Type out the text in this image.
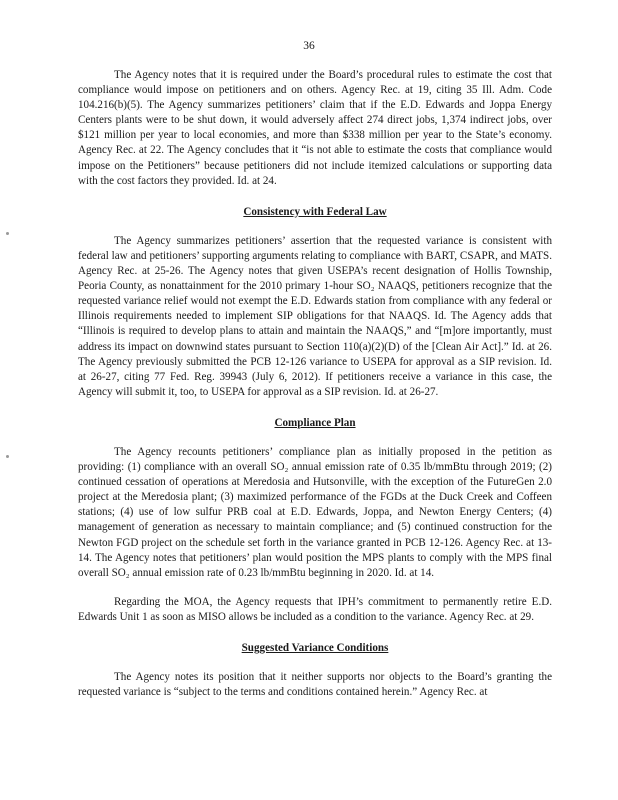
36

The Agency notes that it is required under the Board’s procedural rules to estimate the cost that compliance would impose on petitioners and on others. Agency Rec. at 19, citing 35 Ill. Adm. Code 104.216(b)(5). The Agency summarizes petitioners’ claim that if the E.D. Edwards and Joppa Energy Centers plants were to be shut down, it would adversely affect 274 direct jobs, 1,374 indirect jobs, over $121 million per year to local economies, and more than $338 million per year to the State’s economy. Agency Rec. at 22. The Agency concludes that it “is not able to estimate the costs that compliance would impose on the Petitioners” because petitioners did not include itemized calculations or supporting data with the cost factors they provided. Id. at 24.

Consistency with Federal Law

The Agency summarizes petitioners’ assertion that the requested variance is consistent with federal law and petitioners’ supporting arguments relating to compliance with BART, CSAPR, and MATS. Agency Rec. at 25-26. The Agency notes that given USEPA’s recent designation of Hollis Township, Peoria County, as nonattainment for the 2010 primary 1-hour SO₂ NAAQS, petitioners recognize that the requested variance relief would not exempt the E.D. Edwards station from compliance with any federal or Illinois requirements needed to implement SIP obligations for that NAAQS. Id. The Agency adds that “Illinois is required to develop plans to attain and maintain the NAAQS,” and “[m]ore importantly, must address its impact on downwind states pursuant to Section 110(a)(2)(D) of the [Clean Air Act].” Id. at 26. The Agency previously submitted the PCB 12-126 variance to USEPA for approval as a SIP revision. Id. at 26-27, citing 77 Fed. Reg. 39943 (July 6, 2012). If petitioners receive a variance in this case, the Agency will submit it, too, to USEPA for approval as a SIP revision. Id. at 26-27.

Compliance Plan

The Agency recounts petitioners’ compliance plan as initially proposed in the petition as providing: (1) compliance with an overall SO₂ annual emission rate of 0.35 lb/mmBtu through 2019; (2) continued cessation of operations at Meredosia and Hutsonville, with the exception of the FutureGen 2.0 project at the Meredosia plant; (3) maximized performance of the FGDs at the Duck Creek and Coffeen stations; (4) use of low sulfur PRB coal at E.D. Edwards, Joppa, and Newton Energy Centers; (4) management of generation as necessary to maintain compliance; and (5) continued construction for the Newton FGD project on the schedule set forth in the variance granted in PCB 12-126. Agency Rec. at 13-14. The Agency notes that petitioners’ plan would position the MPS plants to comply with the MPS final overall SO₂ annual emission rate of 0.23 lb/mmBtu beginning in 2020. Id. at 14.

Regarding the MOA, the Agency requests that IPH’s commitment to permanently retire E.D. Edwards Unit 1 as soon as MISO allows be included as a condition to the variance. Agency Rec. at 29.

Suggested Variance Conditions

The Agency notes its position that it neither supports nor objects to the Board’s granting the requested variance is “subject to the terms and conditions contained herein.” Agency Rec. at
